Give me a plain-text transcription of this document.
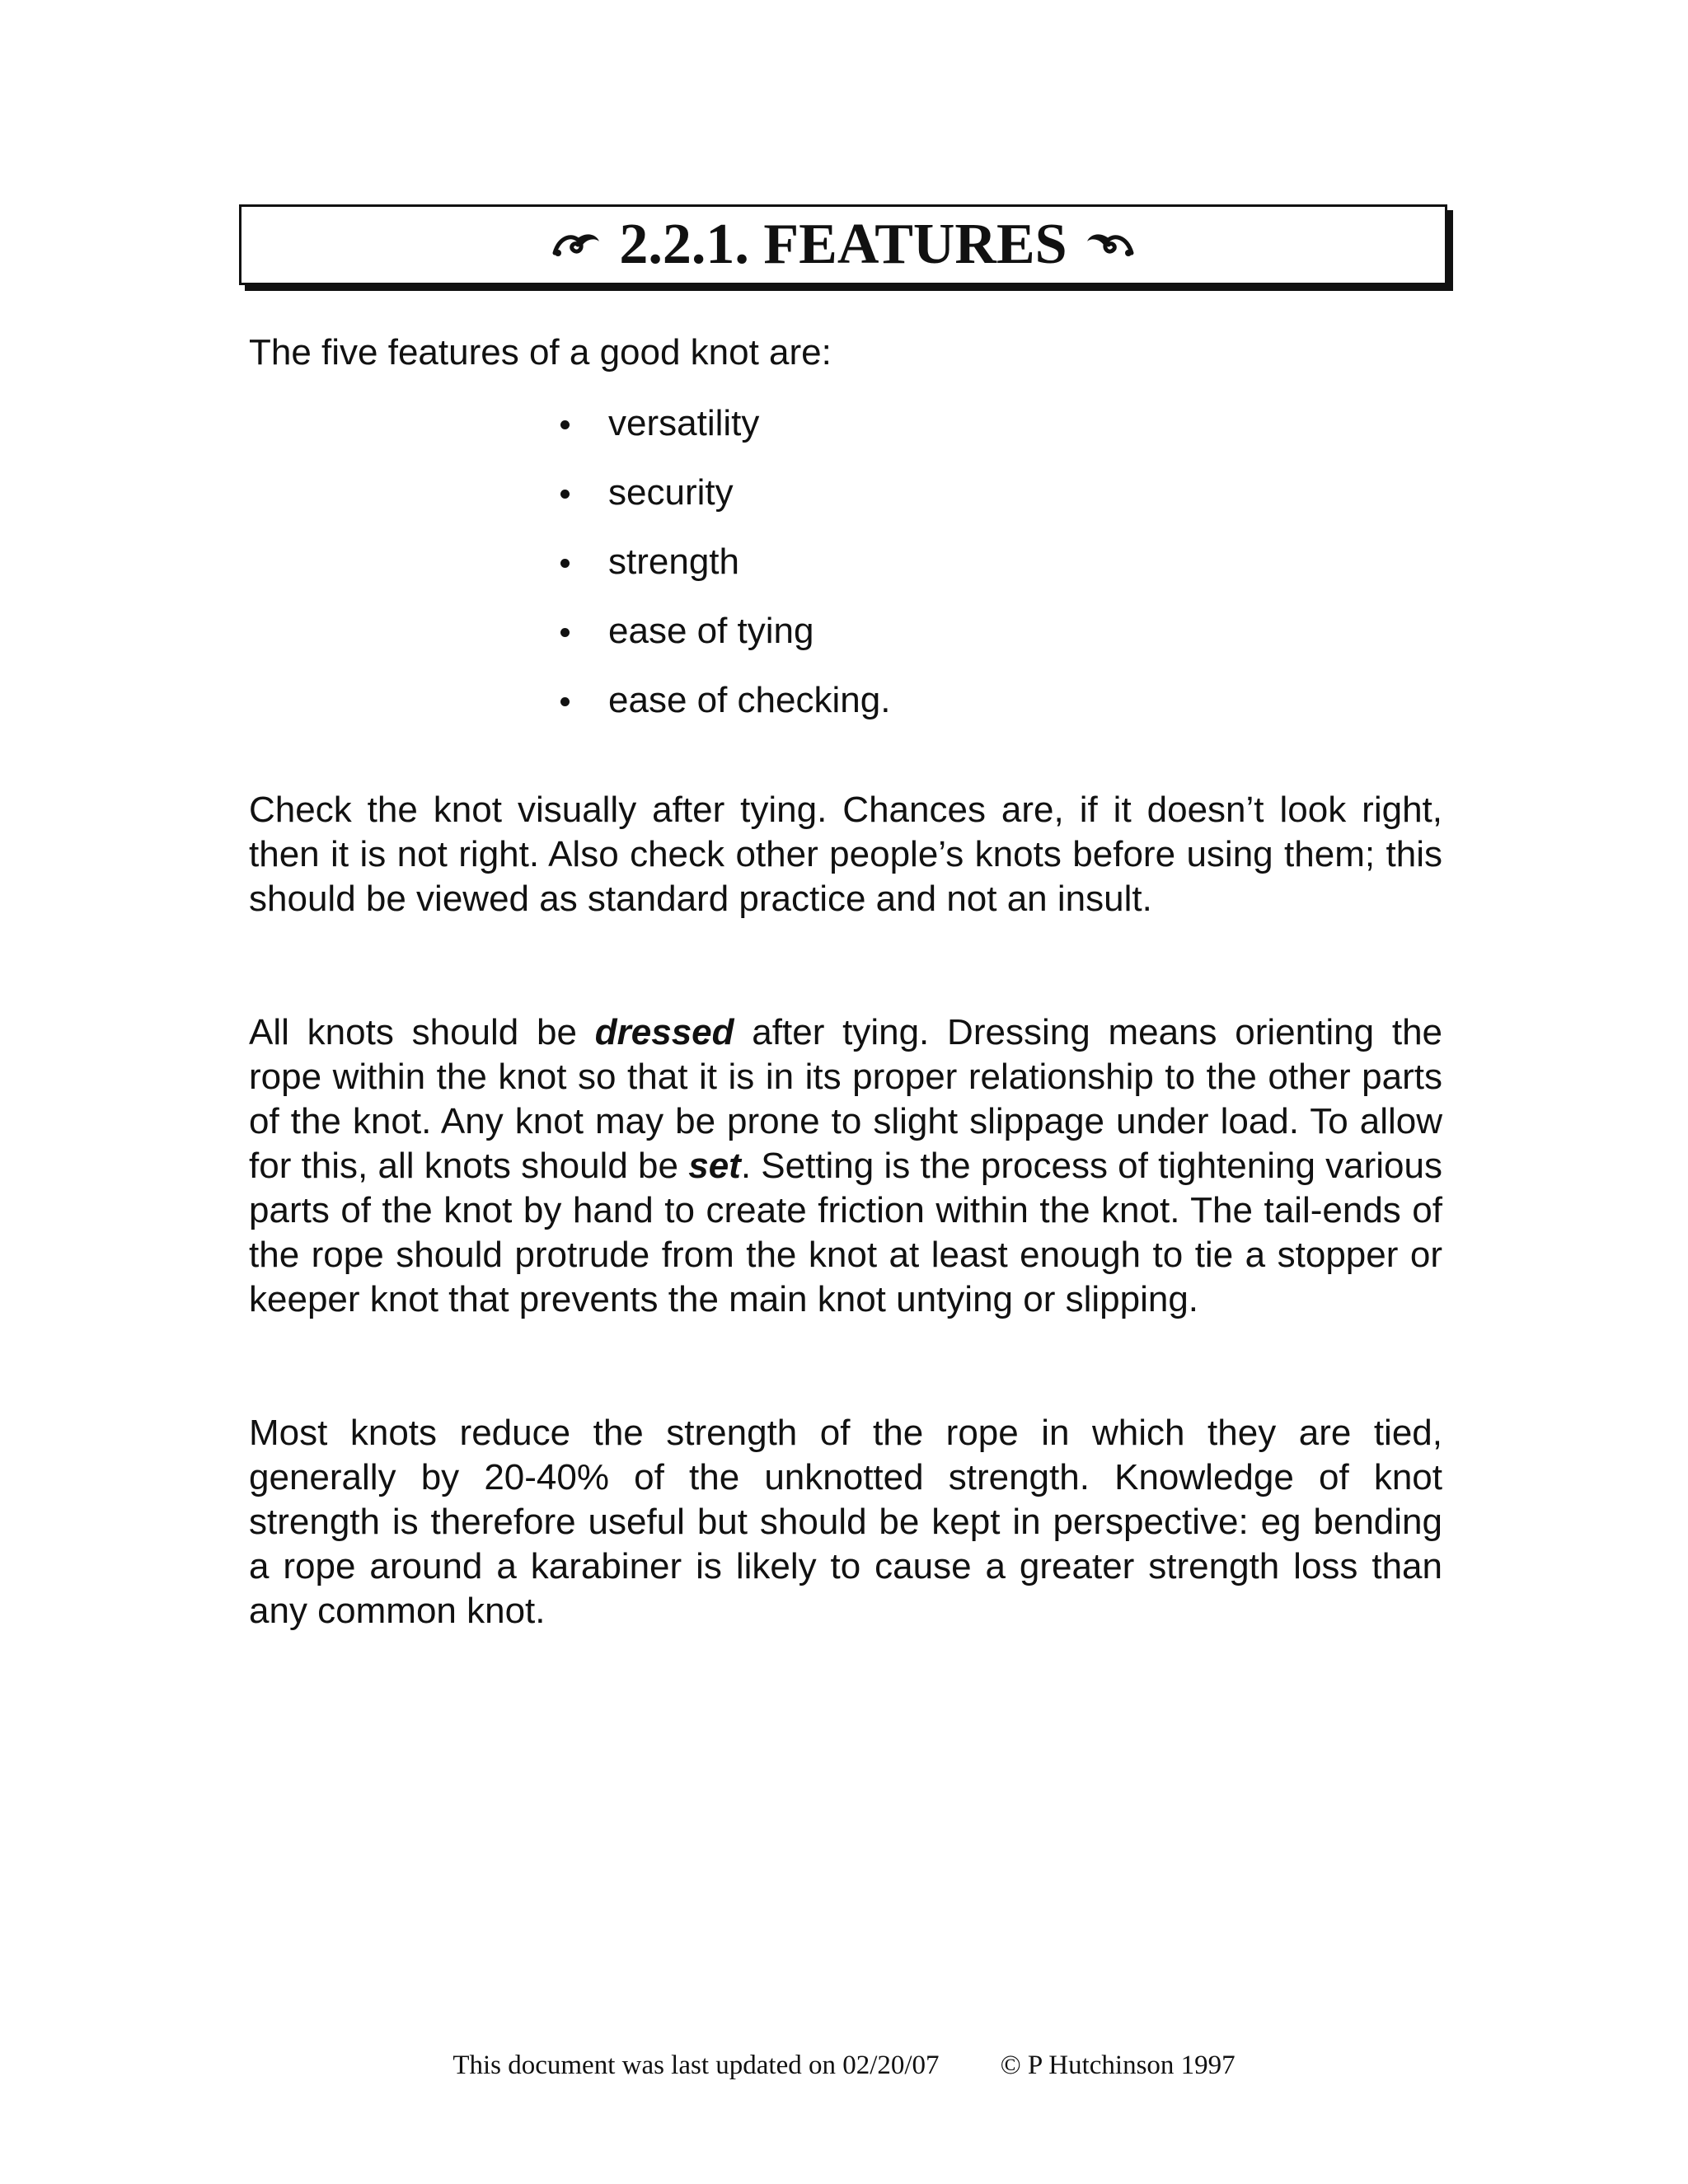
2.2.1. FEATURES

The five features of a good knot are:

versatility
security
strength
ease of tying
ease of checking.

Check the knot visually after tying. Chances are, if it doesn’t look right, then it is not right. Also check other people’s knots before using them; this should be viewed as standard practice and not an insult.

All knots should be dressed after tying. Dressing means orienting the rope within the knot so that it is in its proper relationship to the other parts of the knot. Any knot may be prone to slight slippage under load. To allow for this, all knots should be set. Setting is the process of tightening various parts of the knot by hand to create friction within the knot. The tail-ends of the rope should protrude from the knot at least enough to tie a stopper or keeper knot that prevents the main knot untying or slipping.

Most knots reduce the strength of the rope in which they are tied, generally by 20-40% of the unknotted strength. Knowledge of knot strength is therefore useful but should be kept in perspective: eg bending a rope around a karabiner is likely to cause a greater strength loss than any common knot.

This document was last updated on 02/20/07 © P Hutchinson 1997
